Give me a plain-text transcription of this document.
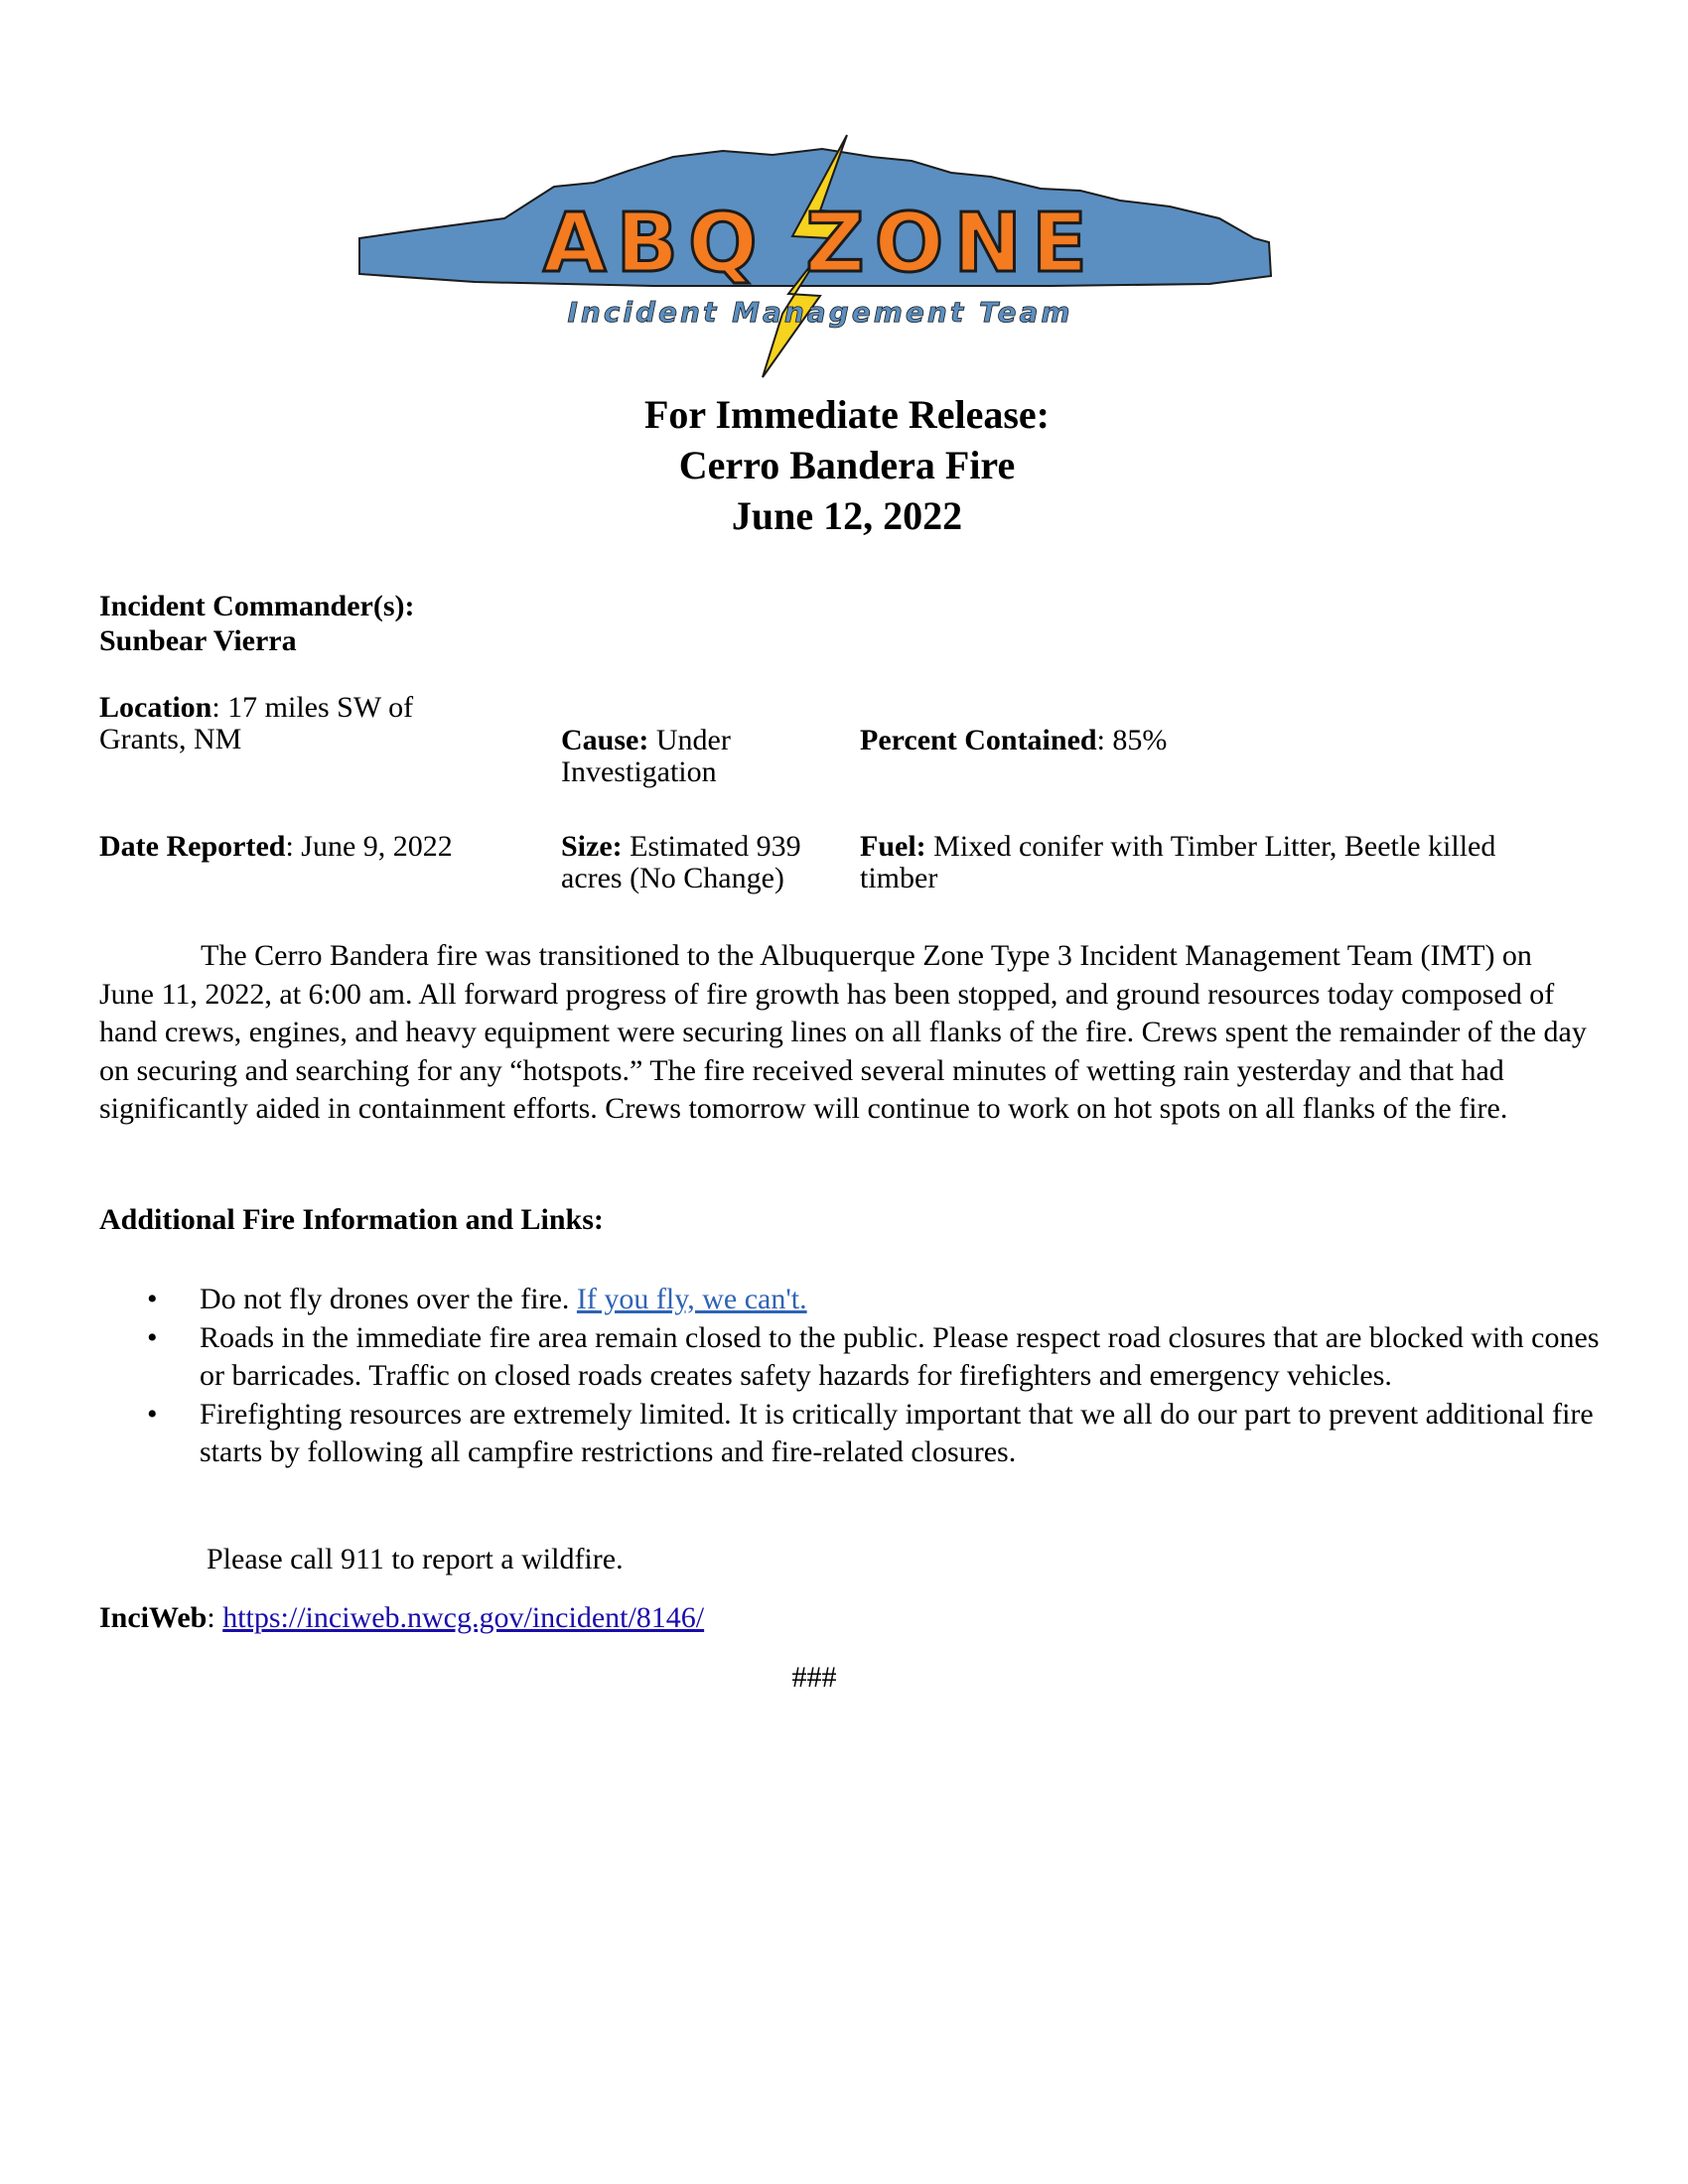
ABQ ZONE
Incident Management Team
For Immediate Release:
Cerro Bandera Fire
June 12, 2022
Incident Commander(s):
Sunbear Vierra
Location: 17 miles SW of
Grants, NM	Cause: Under
Investigation
Percent Contained: 85%
Date Reported: June 9, 2022	Size: Estimated 939
acres (No Change)
Fuel: Mixed conifer with Timber Litter, Beetle killed
timber
The Cerro Bandera fire was transitioned to the Albuquerque Zone Type 3 Incident Management Team (IMT) on June 11, 2022, at 6:00 am. All forward progress of fire growth has been stopped, and ground resources today composed of hand crews, engines, and heavy equipment were securing lines on all flanks of the fire. Crews spent the remainder of the day on securing and searching for any “hotspots.” The fire received several minutes of wetting rain yesterday and that had significantly aided in containment efforts. Crews tomorrow will continue to work on hot spots on all flanks of the fire.
Additional Fire Information and Links:
• Do not fly drones over the fire. If you fly, we can't.
• Roads in the immediate fire area remain closed to the public. Please respect road closures that are blocked with cones or barricades. Traffic on closed roads creates safety hazards for firefighters and emergency vehicles.
• Firefighting resources are extremely limited. It is critically important that we all do our part to prevent additional fire starts by following all campfire restrictions and fire-related closures.
Please call 911 to report a wildfire.
InciWeb: https://inciweb.nwcg.gov/incident/8146/
###
